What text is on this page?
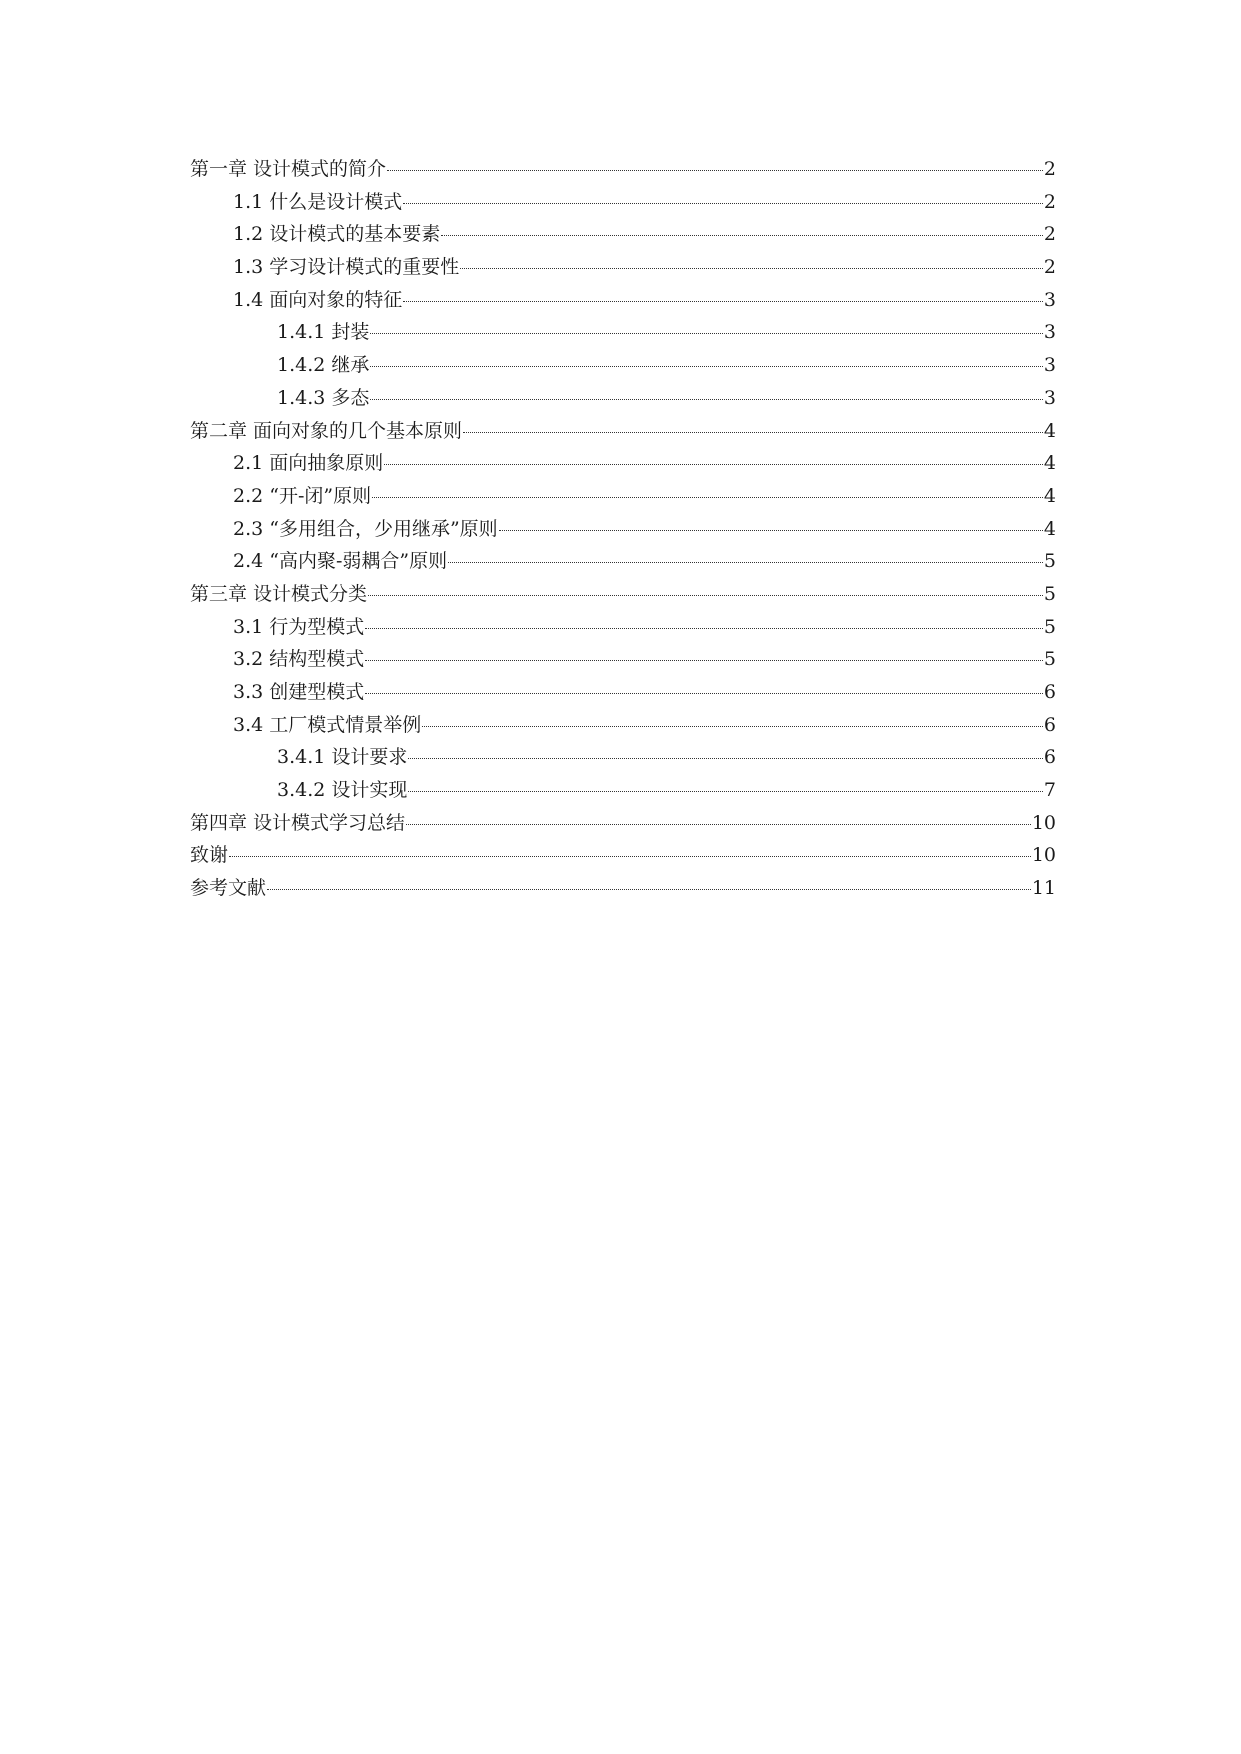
第一章 设计模式的简介	2
1.1 什么是设计模式	2
1.2 设计模式的基本要素	2
1.3 学习设计模式的重要性	2
1.4 面向对象的特征	3
1.4.1 封装	3
1.4.2 继承	3
1.4.3 多态	3
第二章 面向对象的几个基本原则	4
2.1 面向抽象原则	4
2.2 “开-闭”原则	4
2.3 “多用组合，少用继承”原则	4
2.4 “高内聚-弱耦合”原则	5
第三章 设计模式分类	5
3.1 行为型模式	5
3.2 结构型模式	5
3.3 创建型模式	6
3.4 工厂模式情景举例	6
3.4.1 设计要求	6
3.4.2 设计实现	7
第四章 设计模式学习总结	10
致谢	10
参考文献	11
